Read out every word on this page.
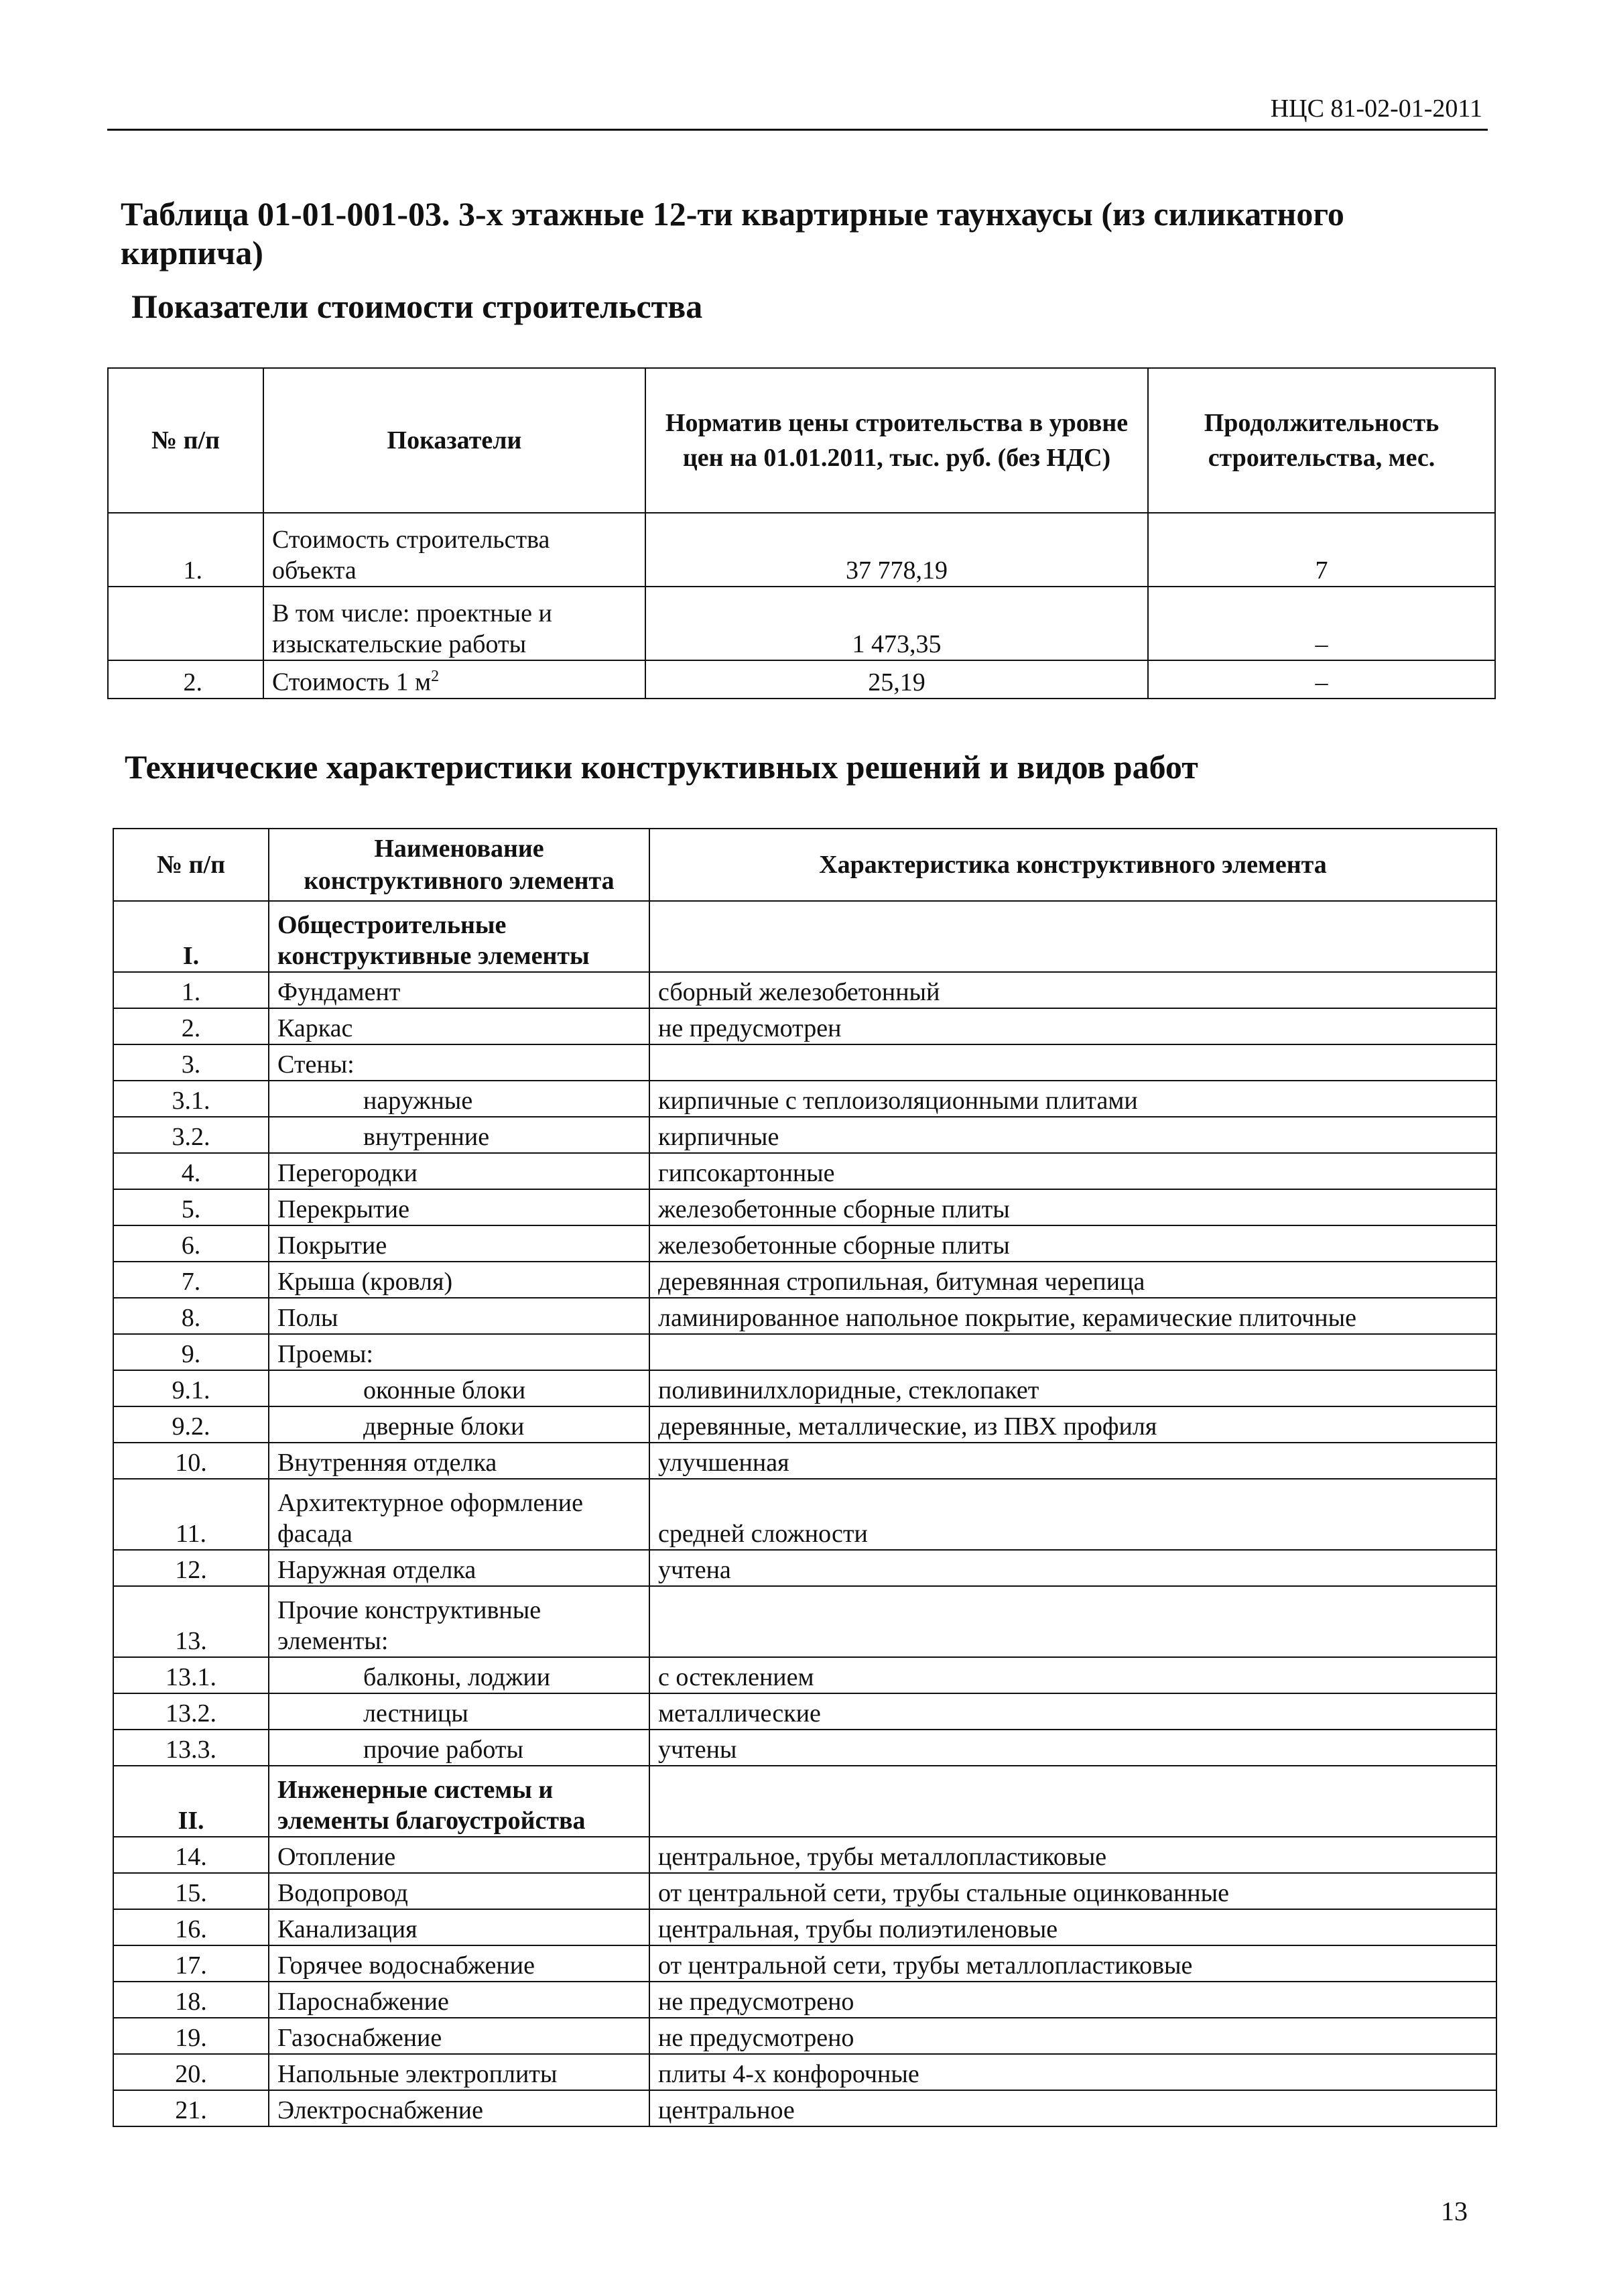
НЦС 81-02-01-2011
Таблица 01-01-001-03. 3-х этажные 12-ти квартирные таунхаусы (из силикатного кирпича)
Показатели стоимости строительства
№ п/п	Показатели	Норматив цены строительства в уровне цен на 01.01.2011, тыс. руб. (без НДС)	Продолжительность строительства, мес.
1.	Стоимость строительства объекта	37 778,19	7
	В том числе: проектные и изыскательские работы	1 473,35	–
2.	Стоимость 1 $м^2$	25,19	–
Технические характеристики конструктивных решений и видов работ
№ п/п	Наименование конструктивного элемента	Характеристика конструктивного элемента
I.	Общестроительные конструктивные элементы	
1.	Фундамент	сборный железобетонный
2.	Каркас	не предусмотрен
3.	Стены:	
3.1.	наружные	кирпичные с теплоизоляционными плитами
3.2.	внутренние	кирпичные
4.	Перегородки	гипсокартонные
5.	Перекрытие	железобетонные сборные плиты
6.	Покрытие	железобетонные сборные плиты
7.	Крыша (кровля)	деревянная стропильная, битумная черепица
8.	Полы	ламинированное напольное покрытие, керамические плиточные
9.	Проемы:	
9.1.	оконные блоки	поливинилхлоридные, стеклопакет
9.2.	дверные блоки	деревянные, металлические, из ПВХ профиля
10.	Внутренняя отделка	улучшенная
11.	Архитектурное оформление фасада	средней сложности
12.	Наружная отделка	учтена
13.	Прочие конструктивные элементы:	
13.1.	балконы, лоджии	с остеклением
13.2.	лестницы	металлические
13.3.	прочие работы	учтены
II.	Инженерные системы и элементы благоустройства	
14.	Отопление	центральное, трубы металлопластиковые
15.	Водопровод	от центральной сети, трубы стальные оцинкованные
16.	Канализация	центральная, трубы полиэтиленовые
17.	Горячее водоснабжение	от центральной сети, трубы металлопластиковые
18.	Пароснабжение	не предусмотрено
19.	Газоснабжение	не предусмотрено
20.	Напольные электроплиты	плиты 4-х конфорочные
21.	Электроснабжение	центральное
13
